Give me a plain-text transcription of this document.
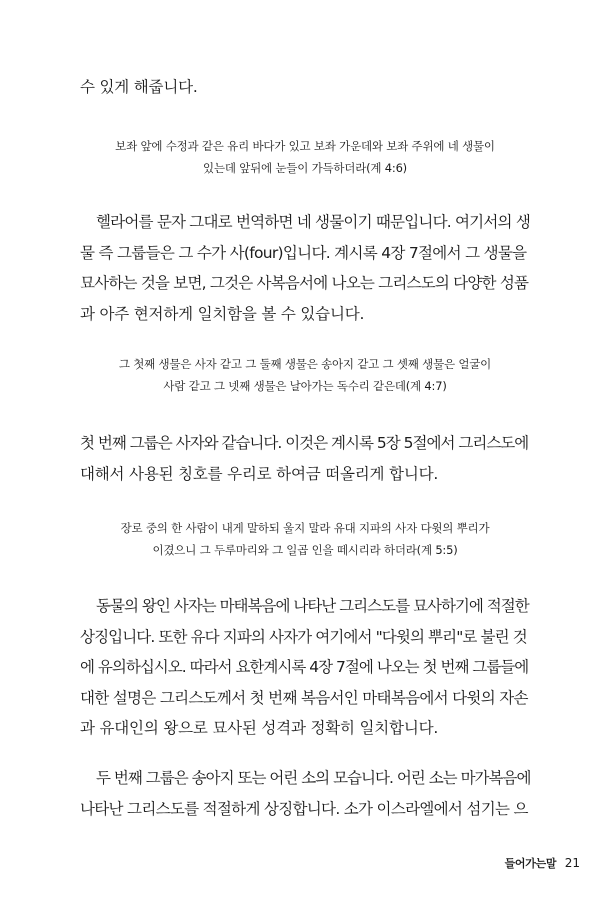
수 있게 해줍니다.

보좌 앞에 수정과 같은 유리 바다가 있고 보좌 가운데와 보좌 주위에 네 생물이
있는데 앞뒤에 눈들이 가득하더라(계 4:6)

헬라어를 문자 그대로 번역하면 네 생물이기 때문입니다. 여기서의 생
물 즉 그룹들은 그 수가 사(four)입니다. 계시록 4장 7절에서 그 생물을
묘사하는 것을 보면, 그것은 사복음서에 나오는 그리스도의 다양한 성품
과 아주 현저하게 일치함을 볼 수 있습니다.

그 첫째 생물은 사자 같고 그 둘째 생물은 송아지 같고 그 셋째 생물은 얼굴이
사람 같고 그 넷째 생물은 날아가는 독수리 같은데(계 4:7)

첫 번째 그룹은 사자와 같습니다. 이것은 계시록 5장 5절에서 그리스도에
대해서 사용된 칭호를 우리로 하여금 떠올리게 합니다.

장로 중의 한 사람이 내게 말하되 울지 말라 유대 지파의 사자 다윗의 뿌리가
이겼으니 그 두루마리와 그 일곱 인을 떼시리라 하더라(계 5:5)

동물의 왕인 사자는 마태복음에 나타난 그리스도를 묘사하기에 적절한
상징입니다. 또한 유다 지파의 사자가 여기에서 "다윗의 뿌리"로 불린 것
에 유의하십시오. 따라서 요한계시록 4장 7절에 나오는 첫 번째 그룹들에
대한 설명은 그리스도께서 첫 번째 복음서인 마태복음에서 다윗의 자손
과 유대인의 왕으로 묘사된 성격과 정확히 일치합니다.

두 번째 그룹은 송아지 또는 어린 소의 모습니다. 어린 소는 마가복음에
나타난 그리스도를 적절하게 상징합니다. 소가 이스라엘에서 섬기는 으

들어가는말 21
